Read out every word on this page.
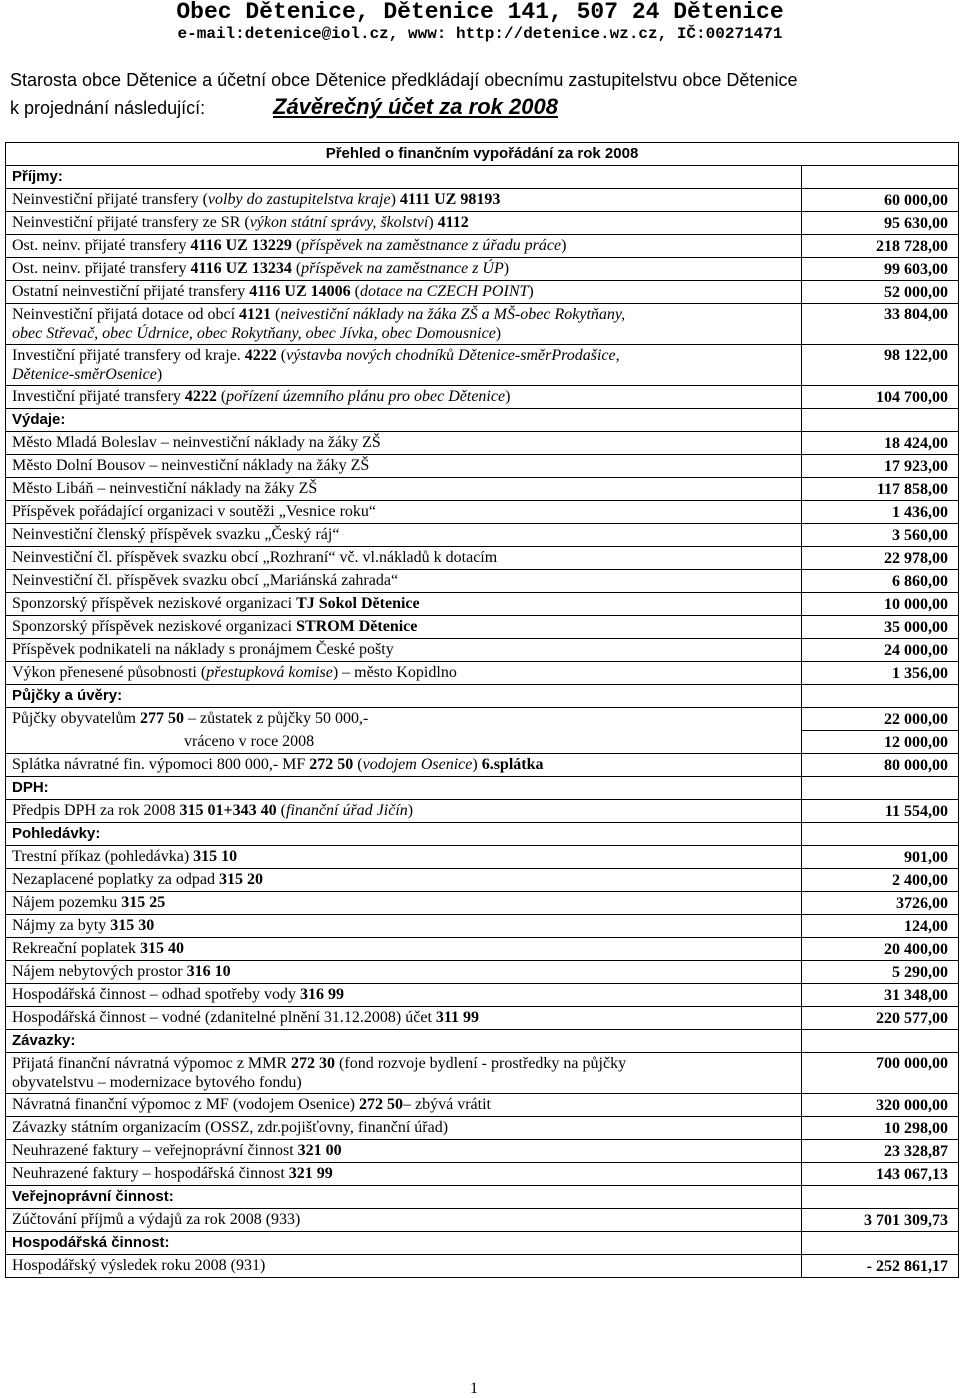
Obec Dětenice, Dětenice 141, 507 24 Dětenice
e-mail:detenice@iol.cz, www: http://detenice.wz.cz, IČ:00271471
Starosta obce Dětenice a účetní obce Dětenice předkládají obecnímu zastupitelstvu obce Dětenice
k projednání následující:	Závěrečný účet za rok 2008
Přehled o finančním vypořádání za rok 2008	
Příjmy:	
Neinvestiční přijaté transfery (volby do zastupitelstva kraje) 4111 UZ 98193	60 000,00
Neinvestiční přijaté transfery ze SR (výkon státní správy, školství) 4112	95 630,00
Ost. neinv. přijaté transfery 4116 UZ 13229 (příspěvek na zaměstnance z úřadu práce)	218 728,00
Ost. neinv. přijaté transfery 4116 UZ 13234 (příspěvek na zaměstnance z ÚP)	99 603,00
Ostatní neinvestiční přijaté transfery 4116 UZ 14006 (dotace na CZECH POINT)	52 000,00
Neinvestiční přijatá dotace od obcí 4121 (neivestiční náklady na žáka ZŠ a MŠ-obec Rokytňany,
obec Střevač, obec Údrnice, obec Rokytňany, obec Jívka, obec Domousnice)	33 804,00
Investiční přijaté transfery od kraje. 4222 (výstavba nových chodníků Dětenice-směrProdašice,
Dětenice-směrOsenice)	98 122,00
Investiční přijaté transfery 4222 (pořízení územního plánu pro obec Dětenice)	104 700,00
Výdaje:	
Město Mladá Boleslav – neinvestiční náklady na žáky ZŠ	18 424,00
Město Dolní Bousov – neinvestiční náklady na žáky ZŠ	17 923,00
Město Libáň – neinvestiční náklady na žáky ZŠ	117 858,00
Příspěvek pořádající organizaci v soutěži „Vesnice roku“	1 436,00
Neinvestiční členský příspěvek svazku „Český ráj“	3 560,00
Neinvestiční čl. příspěvek svazku obcí „Rozhraní“ vč. vl.nákladů k dotacím	22 978,00
Neinvestiční čl. příspěvek svazku obcí „Mariánská zahrada“	6 860,00
Sponzorský příspěvek neziskové organizaci TJ Sokol Dětenice	10 000,00
Sponzorský příspěvek neziskové organizaci STROM Dětenice	35 000,00
Příspěvek podnikateli na náklady s pronájmem České pošty	24 000,00
Výkon přenesené působnosti (přestupková komise) – město Kopidlno	1 356,00
Půjčky a úvěry:	
Půjčky obyvatelům 277 50 – zůstatek z půjčky 50 000,-	22 000,00
vráceno v roce 2008	12 000,00
Splátka návratné fin. výpomoci 800 000,- MF 272 50 (vodojem Osenice) 6.splátka	80 000,00
DPH:	
Předpis DPH za rok 2008 315 01+343 40 (finanční úřad Jičín)	11 554,00
Pohledávky:	
Trestní příkaz (pohledávka) 315 10	901,00
Nezaplacené poplatky za odpad 315 20	2 400,00
Nájem pozemku 315 25	3726,00
Nájmy za byty 315 30	124,00
Rekreační poplatek 315 40	20 400,00
Nájem nebytových prostor 316 10	5 290,00
Hospodářská činnost – odhad spotřeby vody 316 99	31 348,00
Hospodářská činnost – vodné (zdanitelné plnění 31.12.2008) účet 311 99	220 577,00
Závazky:	
Přijatá finanční návratná výpomoc z MMR 272 30 (fond rozvoje bydlení - prostředky na půjčky
obyvatelstvu – modernizace bytového fondu)	700 000,00
Návratná finanční výpomoc z MF (vodojem Osenice) 272 50– zbývá vrátit	320 000,00
Závazky státním organizacím (OSSZ, zdr.pojišťovny, finanční úřad)	10 298,00
Neuhrazené faktury – veřejnoprávní činnost 321 00	23 328,87
Neuhrazené faktury – hospodářská činnost 321 99	143 067,13
Veřejnoprávní činnost:	
Zúčtování příjmů a výdajů za rok 2008 (933)	3 701 309,73
Hospodářská činnost:	
Hospodářský výsledek roku 2008 (931)	- 252 861,17
1
